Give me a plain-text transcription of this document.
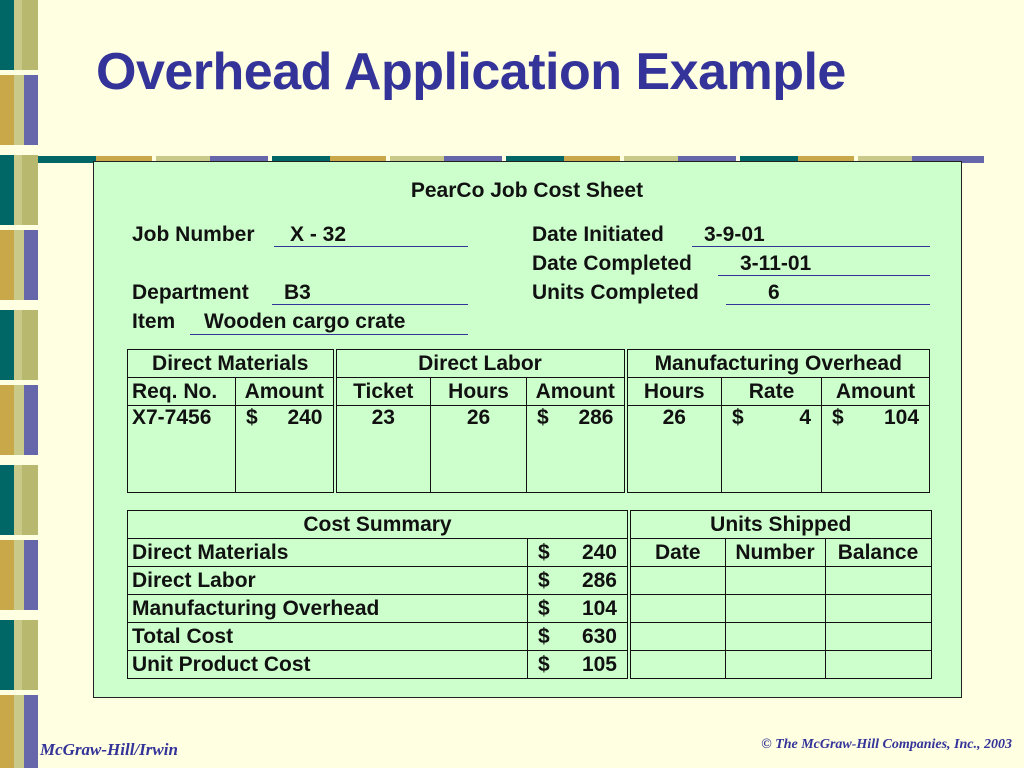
Overhead Application Example
PearCo Job Cost Sheet
Job Number X - 32
Department B3
Item Wooden cargo crate
Date Initiated 3-9-01
Date Completed 3-11-01
Units Completed	6
Direct Materials		Direct Labor			Manufacturing Overhead		
Req. No.	Amount	Ticket	Hours	Amount	Hours	Rate	Amount
X7-7456	$ 240	23	26	$ 286	26	$ 4	$ 104
Cost Summary	
Direct Materials	$ 240

Direct Labor	$ 286

Manufacturing Overhead	$ 104

Total Cost	$ 630

Unit Product Cost	$ 105
Units Shipped		
Date	Number	Balance

McGraw-Hill/Irwin	© The McGraw-Hill Companies, Inc., 2003
